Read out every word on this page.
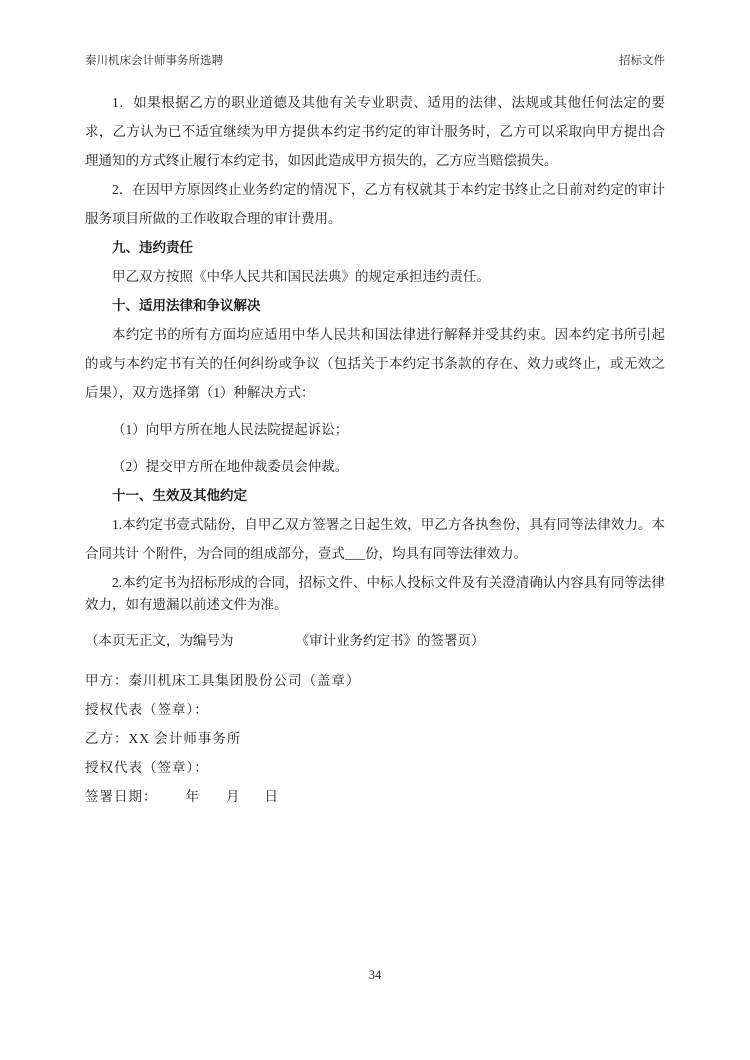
秦川机床会计师事务所选聘	招标文件

1．如果根据乙方的职业道德及其他有关专业职责、适用的法律、法规或其他任何法定的要求，乙方认为已不适宜继续为甲方提供本约定书约定的审计服务时，乙方可以采取向甲方提出合理通知的方式终止履行本约定书，如因此造成甲方损失的，乙方应当赔偿损失。

2．在因甲方原因终止业务约定的情况下，乙方有权就其于本约定书终止之日前对约定的审计服务项目所做的工作收取合理的审计费用。

九、违约责任

甲乙双方按照《中华人民共和国民法典》的规定承担违约责任。

十、适用法律和争议解决

本约定书的所有方面均应适用中华人民共和国法律进行解释并受其约束。因本约定书所引起的或与本约定书有关的任何纠纷或争议（包括关于本约定书条款的存在、效力或终止，或无效之后果），双方选择第（1）种解决方式：

（1）向甲方所在地人民法院提起诉讼；

（2）提交甲方所在地仲裁委员会仲裁。

十一、生效及其他约定

1.本约定书壹式陆份，自甲乙双方签署之日起生效，甲乙方各执叁份，具有同等法律效力。本合同共计 个附件，为合同的组成部分，壹式___份，均具有同等法律效力。

2.本约定书为招标形成的合同，招标文件、中标人投标文件及有关澄清确认内容具有同等法律效力，如有遗漏以前述文件为准。

（本页无正文，为编号为	《审计业务约定书》的签署页）

甲方：秦川机床工具集团股份公司（盖章）

授权代表（签章）：

乙方：XX 会计师事务所

授权代表（签章）：

签署日期： 年 月 日

34
